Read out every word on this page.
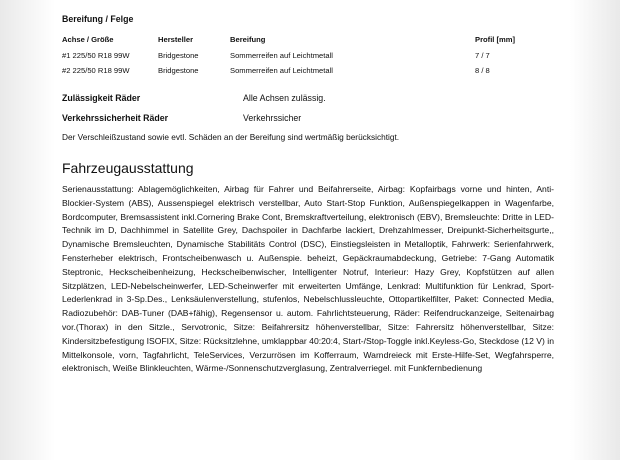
Bereifung / Felge
Achse / Größe	Hersteller	Bereifung	Profil [mm]
#1 225/50 R18 99W	Bridgestone	Sommerreifen auf Leichtmetall	7 / 7
#2 225/50 R18 99W	Bridgestone	Sommerreifen auf Leichtmetall	8 / 8
Zulässigkeit Räder	Alle Achsen zulässig.
Verkehrssicherheit Räder	Verkehrssicher
Der Verschleißzustand sowie evtl. Schäden an der Bereifung sind wertmäßig berücksichtigt.
Fahrzeugausstattung
Serienausstattung: Ablagemöglichkeiten, Airbag für Fahrer und Beifahrerseite, Airbag: Kopfairbags vorne und hinten, Anti-Blockier-System (ABS), Aussenspiegel elektrisch verstellbar, Auto Start-Stop Funktion, Außenspiegelkappen in Wagenfarbe, Bordcomputer, Bremsassistent inkl.Cornering Brake Cont, Bremskraftverteilung, elektronisch (EBV), Bremsleuchte: Dritte in LED-Technik im D, Dachhimmel in Satellite Grey, Dachspoiler in Dachfarbe lackiert, Drehzahlmesser, Dreipunkt-Sicherheitsgurte,, Dynamische Bremsleuchten, Dynamische Stabilitäts Control (DSC), Einstiegsleisten in Metalloptik, Fahrwerk: Serienfahrwerk, Fensterheber elektrisch, Frontscheibenwasch u. Außenspie. beheizt, Gepäckraumabdeckung, Getriebe: 7-Gang Automatik Steptronic, Heckscheibenheizung, Heckscheibenwischer, Intelligenter Notruf, Interieur: Hazy Grey, Kopfstützen auf allen Sitzplätzen, LED-Nebelscheinwerfer, LED-Scheinwerfer mit erweiterten Umfänge, Lenkrad: Multifunktion für Lenkrad, Sport-Lederlenkrad in 3-Sp.Des., Lenksäulenverstellung, stufenlos, Nebelschlussleuchte, Ottopartikelfilter, Paket: Connected Media, Radiozubehör: DAB-Tuner (DAB+fähig), Regensensor u. autom. Fahrlichtsteuerung, Räder: Reifendruckanzeige, Seitenairbag vor.(Thorax) in den Sitzle., Servotronic, Sitze: Beifahrersitz höhenverstellbar, Sitze: Fahrersitz höhenverstellbar, Sitze: Kindersitzbefestigung ISOFIX, Sitze: Rücksitzlehne, umklappbar 40:20:4, Start-/Stop-Toggle inkl.Keyless-Go, Steckdose (12 V) in Mittelkonsole, vorn, Tagfahrlicht, TeleServices, Verzurrösen im Kofferraum, Warndreieck mit Erste-Hilfe-Set, Wegfahrsperre, elektronisch, Weiße Blinkleuchten, Wärme-/Sonnenschutzverglasung, Zentralverriegel. mit Funkfernbedienung
